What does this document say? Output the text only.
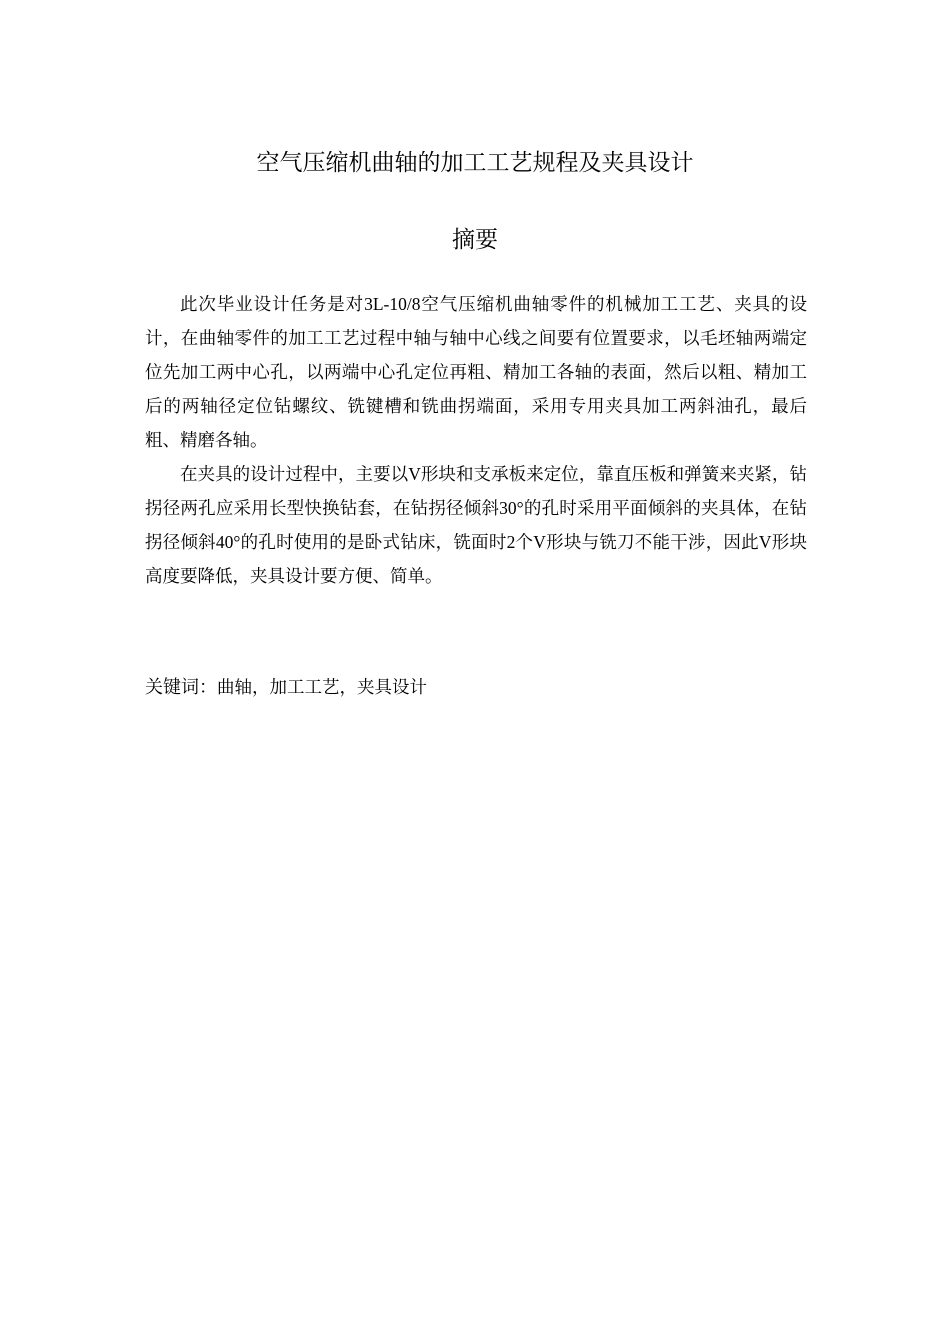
空气压缩机曲轴的加工工艺规程及夹具设计
摘要

此次毕业设计任务是对3L-10/8空气压缩机曲轴零件的机械加工工艺、夹具的设计，在曲轴零件的加工工艺过程中轴与轴中心线之间要有位置要求，以毛坯轴两端定位先加工两中心孔，以两端中心孔定位再粗、精加工各轴的表面，然后以粗、精加工后的两轴径定位钻螺纹、铣键槽和铣曲拐端面，采用专用夹具加工两斜油孔，最后粗、精磨各轴。

在夹具的设计过程中，主要以V形块和支承板来定位，靠直压板和弹簧来夹紧，钻拐径两孔应采用长型快换钻套，在钻拐径倾斜30°的孔时采用平面倾斜的夹具体，在钻拐径倾斜40°的孔时使用的是卧式钻床，铣面时2个V形块与铣刀不能干涉，因此V形块高度要降低，夹具设计要方便、简单。

关键词：曲轴，加工工艺，夹具设计
